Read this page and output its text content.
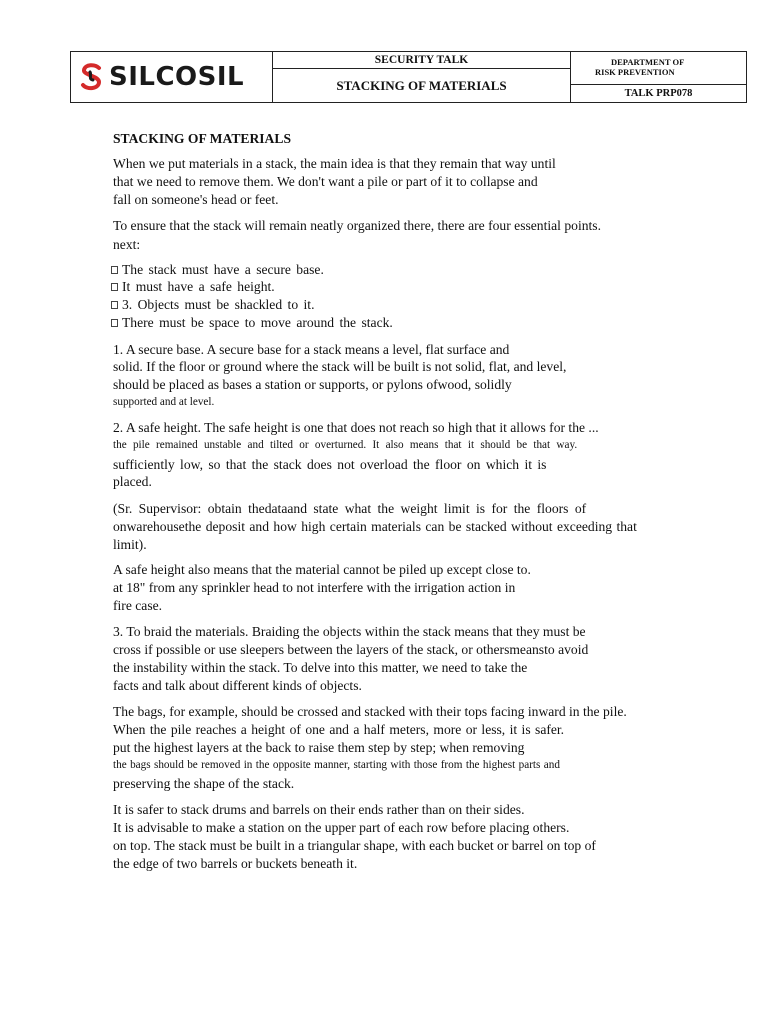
SILCOSIL
SECURITY TALK
STACKING OF MATERIALS
DEPARTMENT OF
RISK PREVENTION
TALK PRP078
STACKING OF MATERIALS
When we put materials in a stack, the main idea is that they remain that way until
that we need to remove them. We don't want a pile or part of it to collapse and
fall on someone's head or feet.
To ensure that the stack will remain neatly organized there, there are four essential points.
next:
The stack must have a secure base.
It must have a safe height.
3. Objects must be shackled to it.
There must be space to move around the stack.
1. A secure base. A secure base for a stack means a level, flat surface and
solid. If the floor or ground where the stack will be built is not solid, flat, and level,
should be placed as bases a station or supports, or pylons ofwood, solidly
supported and at level.
2. A safe height. The safe height is one that does not reach so high that it allows for the ...
the pile remained unstable and tilted or overturned. It also means that it should be that way.
sufficiently low, so that the stack does not overload the floor on which it is
placed.
(Sr. Supervisor: obtain thedataand state what the weight limit is for the floors of
onwarehousethe deposit and how high certain materials can be stacked without exceeding that
limit).
A safe height also means that the material cannot be piled up except close to.
at 18" from any sprinkler head to not interfere with the irrigation action in
fire case.
3. To braid the materials. Braiding the objects within the stack means that they must be
cross if possible or use sleepers between the layers of the stack, or othersmeansto avoid
the instability within the stack. To delve into this matter, we need to take the
facts and talk about different kinds of objects.
The bags, for example, should be crossed and stacked with their tops facing inward in the pile.
When the pile reaches a height of one and a half meters, more or less, it is safer.
put the highest layers at the back to raise them step by step; when removing
the bags should be removed in the opposite manner, starting with those from the highest parts and
preserving the shape of the stack.
It is safer to stack drums and barrels on their ends rather than on their sides.
It is advisable to make a station on the upper part of each row before placing others.
on top. The stack must be built in a triangular shape, with each bucket or barrel on top of
the edge of two barrels or buckets beneath it.
